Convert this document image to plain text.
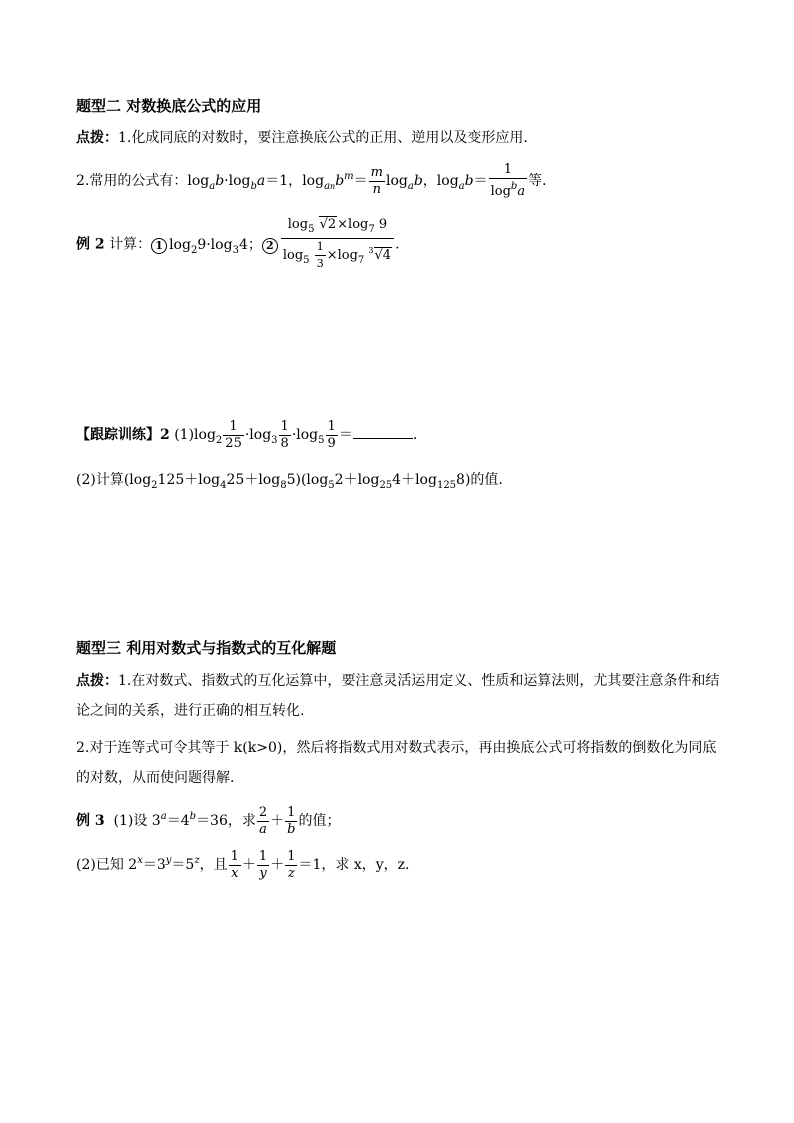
题型二 对数换底公式的应用
点拨：1.化成同底的对数时，要注意换底公式的正用、逆用以及变形应用．
2.常用的公式有：$\log_ab\cdot\log_ba=1$，$\log_{an}b^m= \frac{m}{n} \log_ab$，$\log_ab= \frac{1}{\log^ba}$ 等．
例 2 计算： 1 $\log_29\cdot\log_34$； $2 \frac{\log_5 √2\times\log_7 9}{\log_5 \frac{1}{3} \times\log_7 ^3√4}$ .
【跟踪训练】2 $(1)\log_2 \frac{1}{25} \cdot\log_3 \frac{1}{8} \cdot\log_5 \frac{1}{9}$ ＝	.
(2)计算$(\log_2125+\log_425+\log_85)(\log_52+\log_{25}4+\log_{125}8)$的值.
题型三 利用对数式与指数式的互化解题
点拨：1.在对数式、指数式的互化运算中，要注意灵活运用定义、性质和运算法则，尤其要注意条件和结论之间的关系，进行正确的相互转化.
2.对于连等式可令其等于 k(k>0)，然后将指数式用对数式表示，再由换底公式可将指数的倒数化为同底的对数，从而使问题得解.
例 3 (1)设 $3^a=4^b=36$，求 $\frac{2}{a} + \frac{1}{b}$ 的值；
(2)已知 $2^x=3^y=5^z$，且 $\frac{1}{x} + \frac{1}{y} + \frac{1}{z} =1$，求 x，y，z.
